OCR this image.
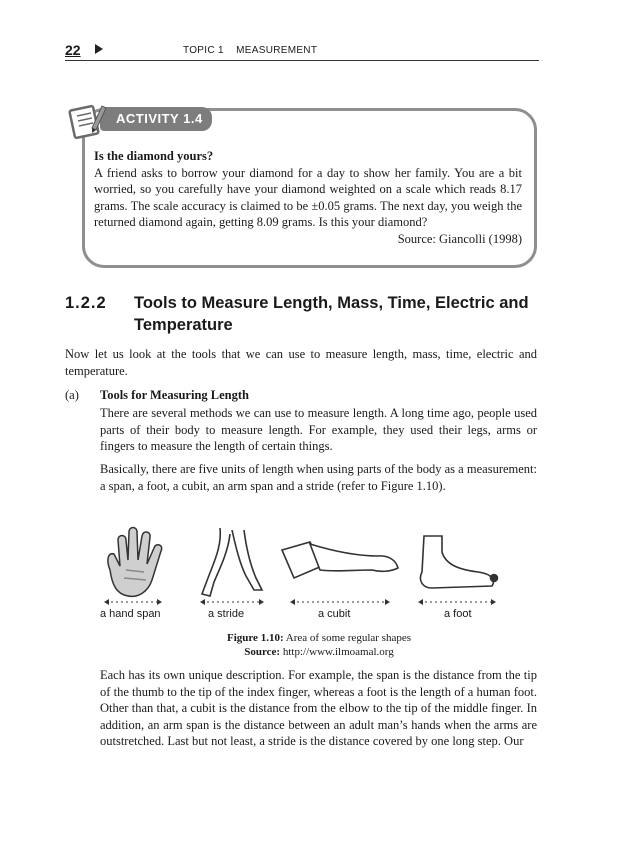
22	TOPIC 1 MEASUREMENT
ACTIVITY 1.4
Is the diamond yours?
A friend asks to borrow your diamond for a day to show her family. You are a bit worried, so you carefully have your diamond weighted on a scale which reads 8.17 grams. The scale accuracy is claimed to be ±0.05 grams. The next day, you weigh the returned diamond again, getting 8.09 grams. Is this your diamond?
Source: Giancolli (1998)
1.2.2 Tools to Measure Length, Mass, Time, Electric and Temperature
Now let us look at the tools that we can use to measure length, mass, time, electric and temperature.
(a) Tools for Measuring Length
There are several methods we can use to measure length. A long time ago, people used parts of their body to measure length. For example, they used their legs, arms or fingers to measure the length of certain things.
Basically, there are five units of length when using parts of the body as a measurement: a span, a foot, a cubit, an arm span and a stride (refer to Figure 1.10).
a hand span	a stride	a cubit	a foot
Figure 1.10: Area of some regular shapes
Source: http://www.ilmoamal.org
Each has its own unique description. For example, the span is the distance from the tip of the thumb to the tip of the index finger, whereas a foot is the length of a human foot. Other than that, a cubit is the distance from the elbow to the tip of the middle finger. In addition, an arm span is the distance between an adult man’s hands when the arms are outstretched. Last but not least, a stride is the distance covered by one long step. Our
